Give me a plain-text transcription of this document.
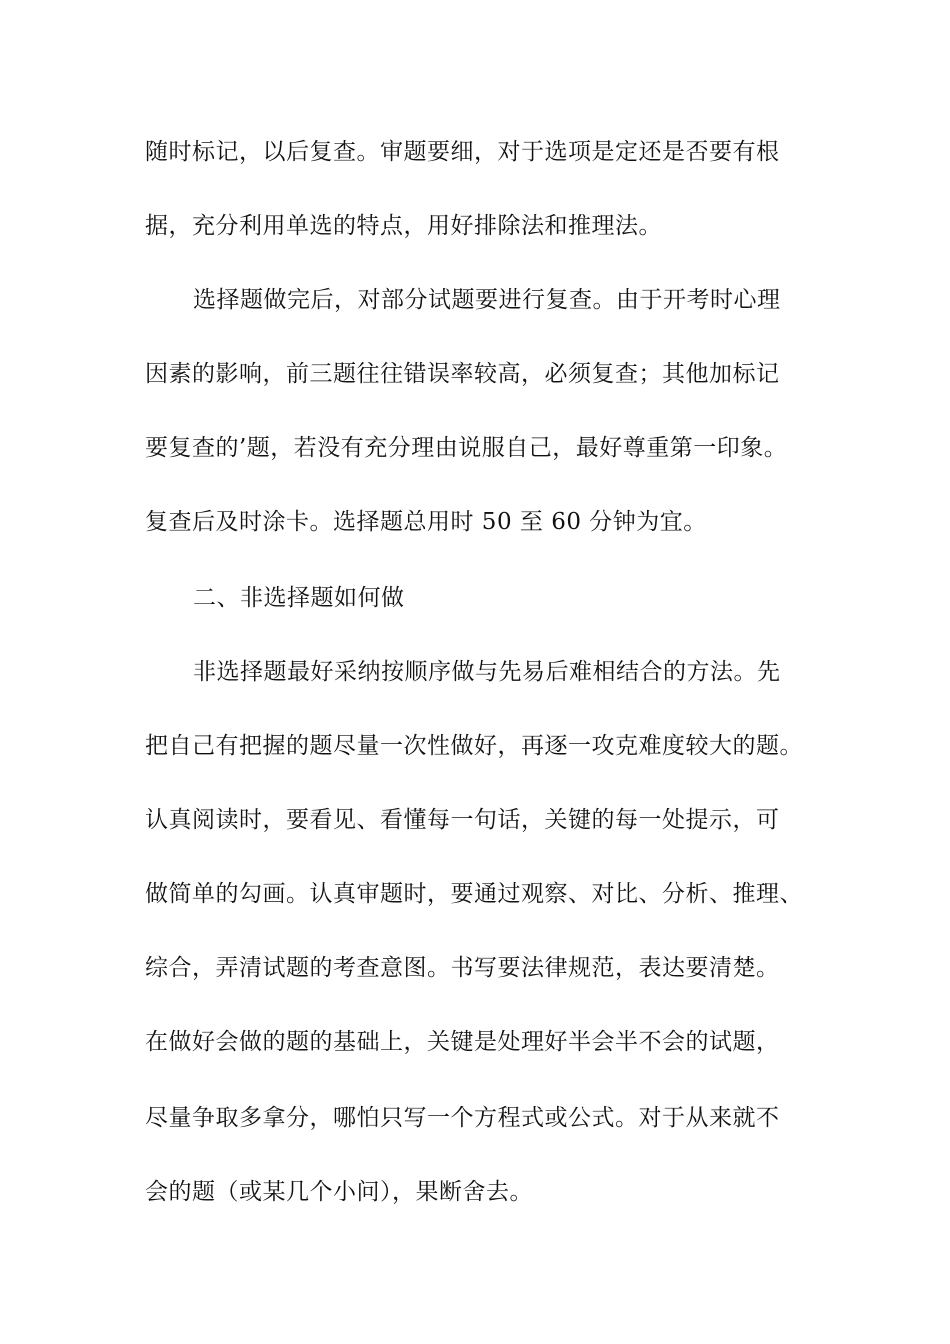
随时标记，以后复查。审题要细，对于选项是定还是否要有根
据，充分利用单选的特点，用好排除法和推理法。
选择题做完后，对部分试题要进行复查。由于开考时心理
因素的影响，前三题往往错误率较高，必须复查；其他加标记
要复查的’题，若没有充分理由说服自己，最好尊重第一印象。
复查后及时涂卡。选择题总用时 50 至 60 分钟为宜。
二、非选择题如何做
非选择题最好采纳按顺序做与先易后难相结合的方法。先
把自己有把握的题尽量一次性做好，再逐一攻克难度较大的题。
认真阅读时，要看见、看懂每一句话，关键的每一处提示，可
做简单的勾画。认真审题时，要通过观察、对比、分析、推理、
综合，弄清试题的考查意图。书写要法律规范，表达要清楚。
在做好会做的题的基础上，关键是处理好半会半不会的试题，
尽量争取多拿分，哪怕只写一个方程式或公式。对于从来就不
会的题（或某几个小问），果断舍去。
